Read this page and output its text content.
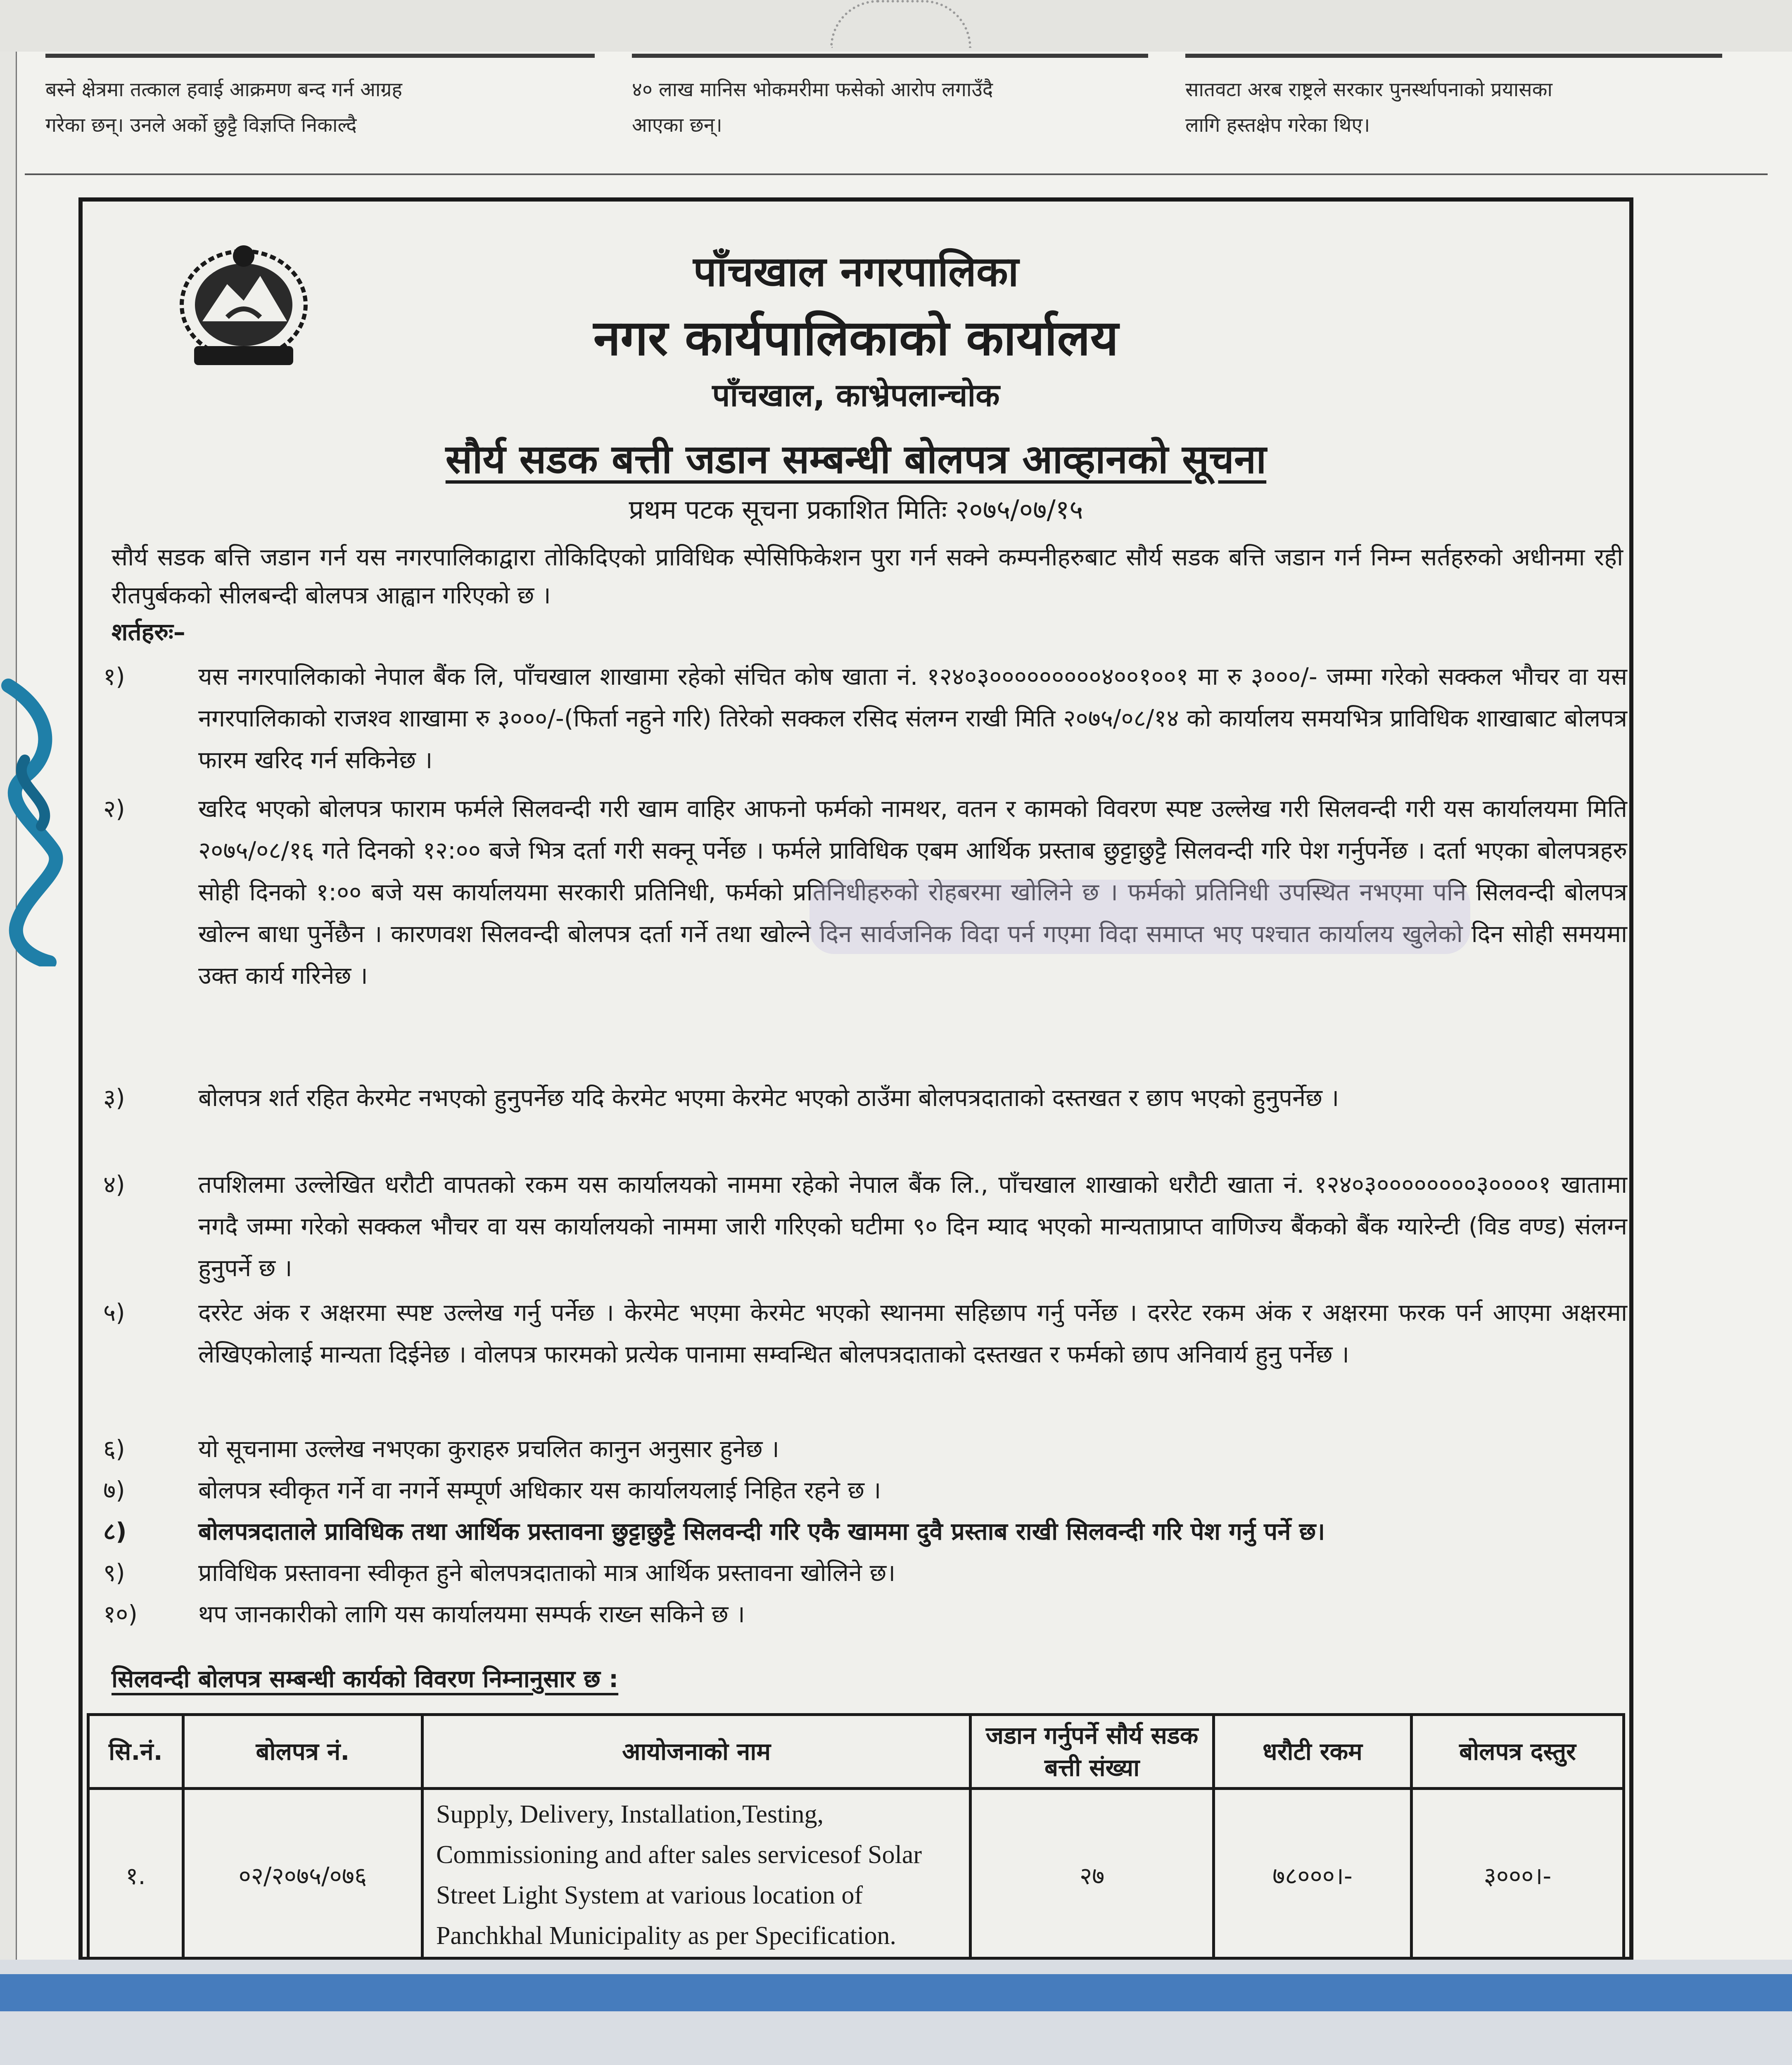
बस्ने क्षेत्रमा तत्काल हवाई आक्रमण बन्द गर्न आग्रह
गरेका छन्। उनले अर्को छुट्टै विज्ञप्ति निकाल्दै
४० लाख मानिस भोकमरीमा फसेको आरोप लगाउँदै
आएका छन्।
सातवटा अरब राष्ट्रले सरकार पुनर्स्थापनाको प्रयासका
लागि हस्तक्षेप गरेका थिए।
पाँचखाल नगरपालिका
नगर कार्यपालिकाको कार्यालय
पाँचखाल, काभ्रेपलान्चोक
सौर्य सडक बत्ती जडान सम्बन्धी बोलपत्र आव्हानको सूचना
प्रथम पटक सूचना प्रकाशित मितिः २०७५/०७/१५
सौर्य सडक बत्ति जडान गर्न यस नगरपालिकाद्वारा तोकिदिएको प्राविधिक स्पेसिफिकेशन पुरा गर्न सक्ने कम्पनीहरुबाट सौर्य सडक बत्ति जडान गर्न निम्न सर्तहरुको अधीनमा रही रीतपुर्बकको सीलबन्दी बोलपत्र आह्वान गरिएको छ ।
शर्तहरुः–
१)	यस नगरपालिकाको नेपाल बैंक लि, पाँचखाल शाखामा रहेको संचित कोष खाता नं. १२४०३०००००००००४००१००१ मा रु ३०००/- जम्मा गरेको सक्कल भौचर वा यस नगरपालिकाको राजश्व शाखामा रु ३०००/-(फिर्ता नहुने गरि) तिरेको सक्कल रसिद संलग्न राखी मिति २०७५/०८/१४ को कार्यालय समयभित्र प्राविधिक शाखाबाट बोलपत्र फारम खरिद गर्न सकिनेछ ।
२)	खरिद भएको बोलपत्र फाराम फर्मले सिलवन्दी गरी खाम वाहिर आफनो फर्मको नामथर, वतन र कामको विवरण स्पष्ट उल्लेख गरी सिलवन्दी गरी यस कार्यालयमा मिति २०७५/०८/१६ गते दिनको १२:०० बजे भित्र दर्ता गरी सक्नू पर्नेछ । फर्मले प्राविधिक एबम आर्थिक प्रस्ताब छुट्टाछुट्टै सिलवन्दी गरि पेश गर्नुपर्नेछ । दर्ता भएका बोलपत्रहरु सोही दिनको १:०० बजे यस कार्यालयमा सरकारी प्रतिनिधी, फर्मको प्रतिनिधीहरुको रोहबरमा खोलिने छ । फर्मको प्रतिनिधी उपस्थित नभएमा पनि सिलवन्दी बोलपत्र खोल्न बाधा पुर्नेछैन । कारणवश सिलवन्दी बोलपत्र दर्ता गर्ने तथा खोल्ने दिन सार्वजनिक विदा पर्न गएमा विदा समाप्त भए पश्चात कार्यालय खुलेको दिन सोही समयमा उक्त कार्य गरिनेछ ।
३)	बोलपत्र शर्त रहित केरमेट नभएको हुनुपर्नेछ यदि केरमेट भएमा केरमेट भएको ठाउँमा बोलपत्रदाताको दस्तखत र छाप भएको हुनुपर्नेछ ।
४)	तपशिलमा उल्लेखित धरौटी वापतको रकम यस कार्यालयको नाममा रहेको नेपाल बैंक लि., पाँचखाल शाखाको धरौटी खाता नं. १२४०३००००००००३००००१ खातामा नगदै जम्मा गरेको सक्कल भौचर वा यस कार्यालयको नाममा जारी गरिएको घटीमा ९० दिन म्याद भएको मान्यताप्राप्त वाणिज्य बैंकको बैंक ग्यारेन्टी (विड वण्ड) संलग्न हुनुपर्ने छ ।
५)	दररेट अंक र अक्षरमा स्पष्ट उल्लेख गर्नु पर्नेछ । केरमेट भएमा केरमेट भएको स्थानमा सहिछाप गर्नु पर्नेछ । दररेट रकम अंक र अक्षरमा फरक पर्न आएमा अक्षरमा लेखिएकोलाई मान्यता दिईनेछ । वोलपत्र फारमको प्रत्येक पानामा सम्वन्धित बोलपत्रदाताको दस्तखत र फर्मको छाप अनिवार्य हुनु पर्नेछ ।
६)	यो सूचनामा उल्लेख नभएका कुराहरु प्रचलित कानुन अनुसार हुनेछ ।
७)	बोलपत्र स्वीकृत गर्ने वा नगर्ने सम्पूर्ण अधिकार यस कार्यालयलाई निहित रहने छ ।
८)	बोलपत्रदाताले प्राविधिक तथा आर्थिक प्रस्तावना छुट्टाछुट्टै सिलवन्दी गरि एकै खाममा दुवै प्रस्ताब राखी सिलवन्दी गरि पेश गर्नु पर्ने छ।
९)	प्राविधिक प्रस्तावना स्वीकृत हुने बोलपत्रदाताको मात्र आर्थिक प्रस्तावना खोलिने छ।
१०)	थप जानकारीको लागि यस कार्यालयमा सम्पर्क राख्न सकिने छ ।
सिलवन्दी बोलपत्र सम्बन्धी कार्यको विवरण निम्नानुसार छ :
सि.नं.	बोलपत्र नं.	आयोजनाको नाम	जडान गर्नुपर्ने सौर्य सडक बत्ती संख्या	धरौटी रकम	बोलपत्र दस्तुर
१.	०२/२०७५/०७६	Supply, Delivery, Installation,Testing, Commissioning and after sales servicesof Solar Street Light System at various location of Panchkhal Municipality as per Specification.	२७	७८०००।-	३०००।-
